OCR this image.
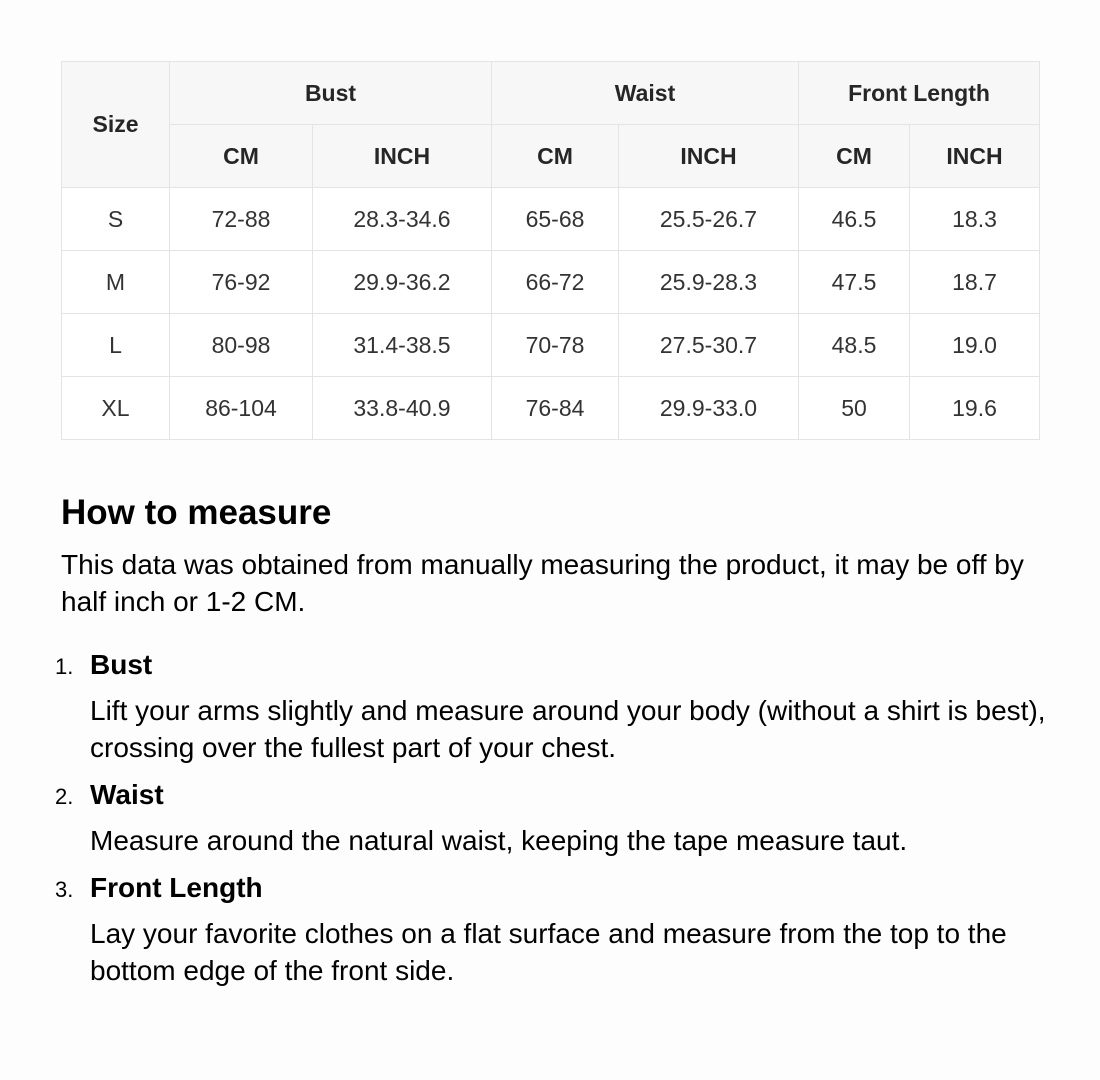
Size	Bust		Waist		Front Length	
	CM	INCH	CM	INCH	CM	INCH
S	72-88	28.3-34.6	65-68	25.5-26.7	46.5	18.3
M	76-92	29.9-36.2	66-72	25.9-28.3	47.5	18.7
L	80-98	31.4-38.5	70-78	27.5-30.7	48.5	19.0
XL	86-104	33.8-40.9	76-84	29.9-33.0	50	19.6
How to measure

This data was obtained from manually measuring the product, it may be off by half inch or 1-2 CM.

1. Bust

Lift your arms slightly and measure around your body (without a shirt is best), crossing over the fullest part of your chest.

2. Waist

Measure around the natural waist, keeping the tape measure taut.

3. Front Length

Lay your favorite clothes on a flat surface and measure from the top to the bottom edge of the front side.
